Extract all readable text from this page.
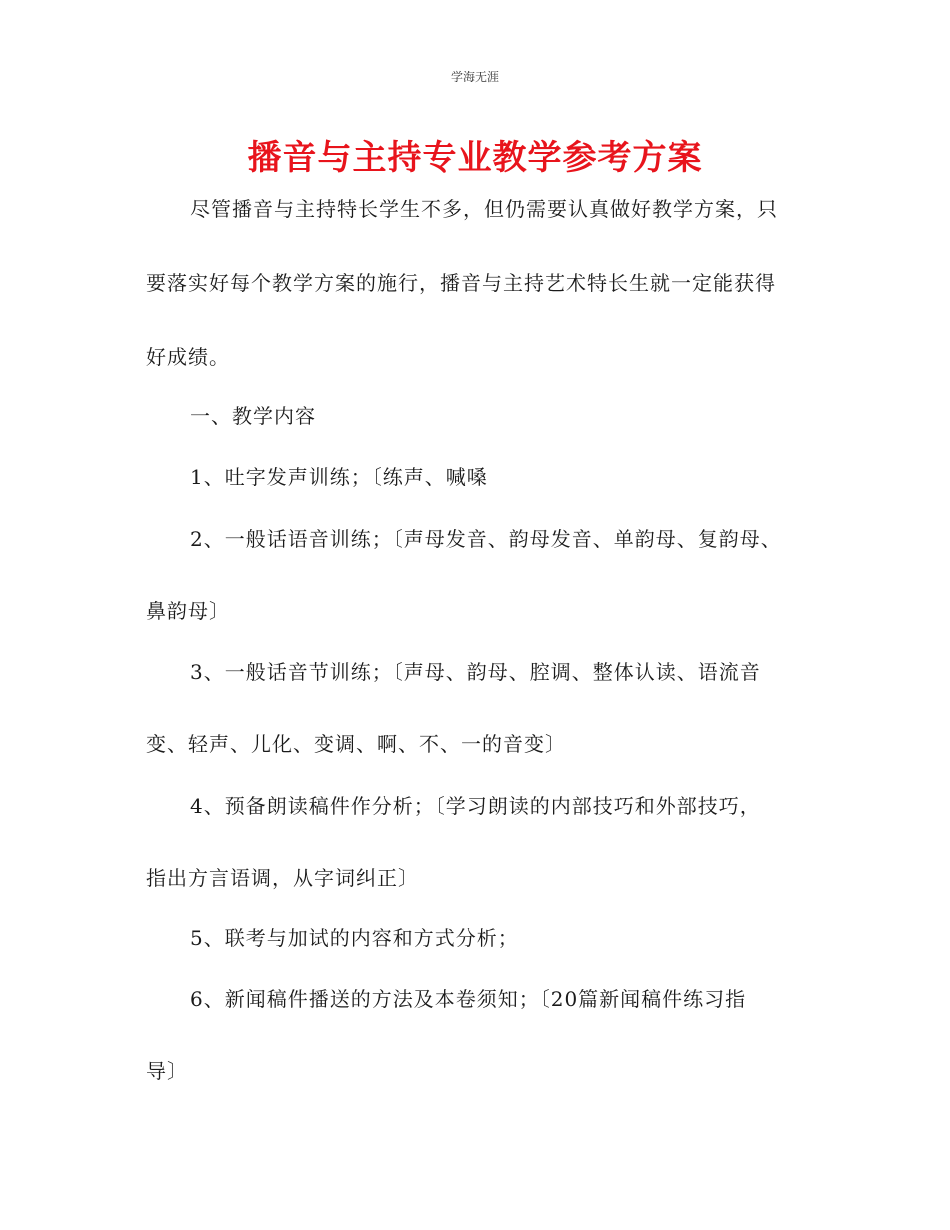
学海无涯
播音与主持专业教学参考方案
尽管播音与主持特长学生不多，但仍需要认真做好教学方案，只
要落实好每个教学方案的施行，播音与主持艺术特长生就一定能获得
好成绩。
一、教学内容
1、吐字发声训练；〔练声、喊嗓
2、一般话语音训练；〔声母发音、韵母发音、单韵母、复韵母、
鼻韵母〕
3、一般话音节训练；〔声母、韵母、腔调、整体认读、语流音
变、轻声、儿化、变调、啊、不、一的音变〕
4、预备朗读稿件作分析；〔学习朗读的内部技巧和外部技巧，
指出方言语调，从字词纠正〕
5、联考与加试的内容和方式分析；
6、新闻稿件播送的方法及本卷须知；〔20篇新闻稿件练习指
导〕
